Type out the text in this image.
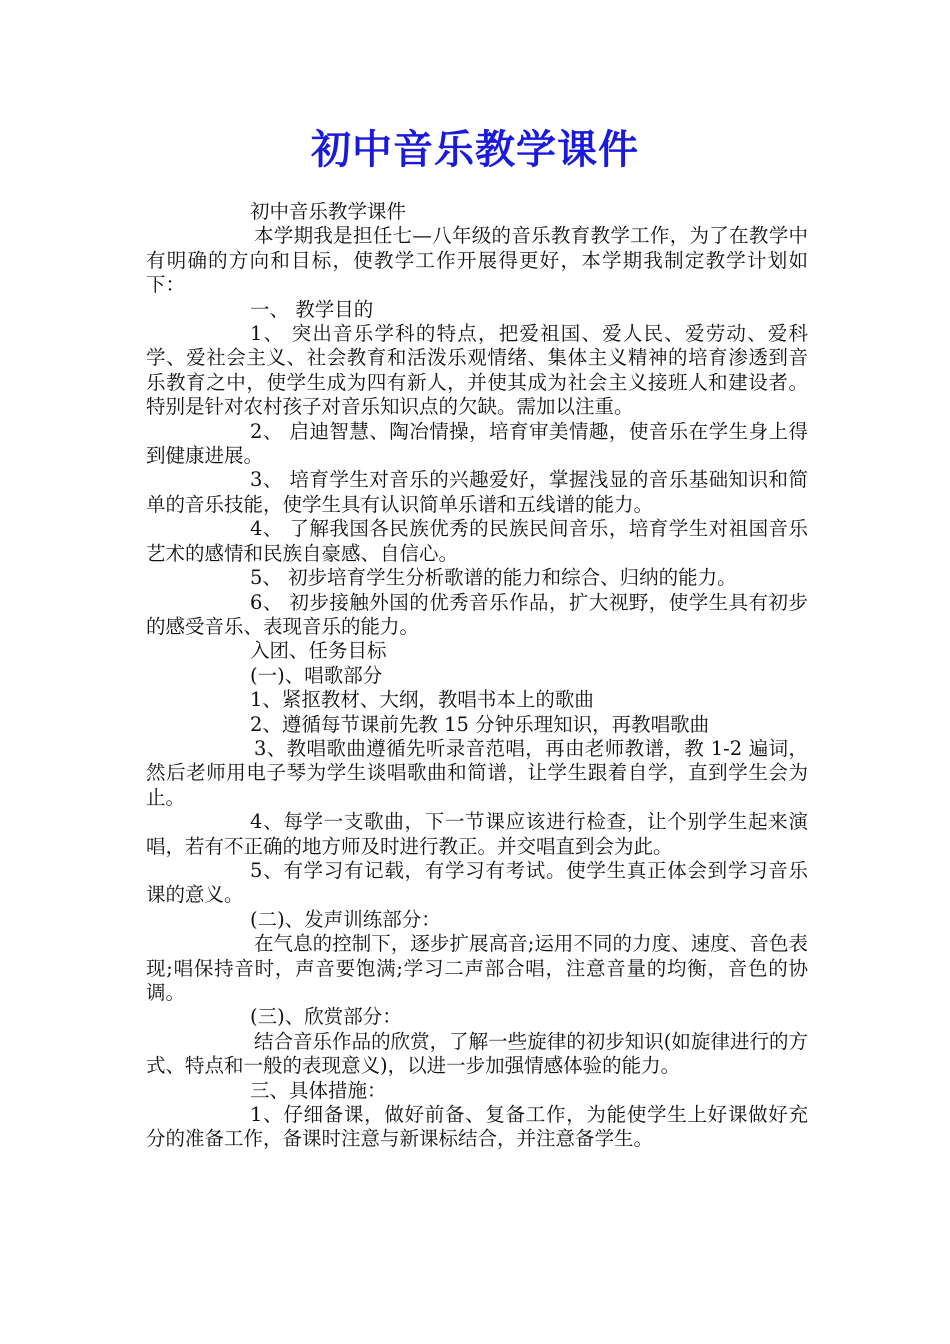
初中音乐教学课件

初中音乐教学课件

本学期我是担任七—八年级的音乐教育教学工作，为了在教学中有明确的方向和目标，使教学工作开展得更好，本学期我制定教学计划如下：

一、 教学目的

1、 突出音乐学科的特点，把爱祖国、爱人民、爱劳动、爱科学、爱社会主义、社会教育和活泼乐观情绪、集体主义精神的培育渗透到音乐教育之中，使学生成为四有新人，并使其成为社会主义接班人和建设者。特别是针对农村孩子对音乐知识点的欠缺。需加以注重。

2、 启迪智慧、陶冶情操，培育审美情趣，使音乐在学生身上得到健康进展。

3、 培育学生对音乐的兴趣爱好，掌握浅显的音乐基础知识和简单的音乐技能，使学生具有认识简单乐谱和五线谱的能力。

4、 了解我国各民族优秀的民族民间音乐，培育学生对祖国音乐艺术的感情和民族自豪感、自信心。

5、 初步培育学生分析歌谱的能力和综合、归纳的能力。

6、 初步接触外国的优秀音乐作品，扩大视野，使学生具有初步的感受音乐、表现音乐的能力。

入团、任务目标

(一)、唱歌部分

1、紧抠教材、大纲，教唱书本上的歌曲

2、遵循每节课前先教 15 分钟乐理知识，再教唱歌曲

3、教唱歌曲遵循先听录音范唱，再由老师教谱，教 1-2 遍词，然后老师用电子琴为学生谈唱歌曲和简谱，让学生跟着自学，直到学生会为止。

4、每学一支歌曲，下一节课应该进行检查，让个别学生起来演唱，若有不正确的地方师及时进行教正。并交唱直到会为此。

5、有学习有记载，有学习有考试。使学生真正体会到学习音乐课的意义。

(二)、发声训练部分：

在气息的控制下，逐步扩展高音;运用不同的力度、速度、音色表现;唱保持音时，声音要饱满;学习二声部合唱，注意音量的均衡，音色的协调。

(三)、欣赏部分：

结合音乐作品的欣赏，了解一些旋律的初步知识(如旋律进行的方式、特点和一般的表现意义)，以进一步加强情感体验的能力。

三、具体措施：

1、仔细备课，做好前备、复备工作，为能使学生上好课做好充分的准备工作，备课时注意与新课标结合，并注意备学生。
